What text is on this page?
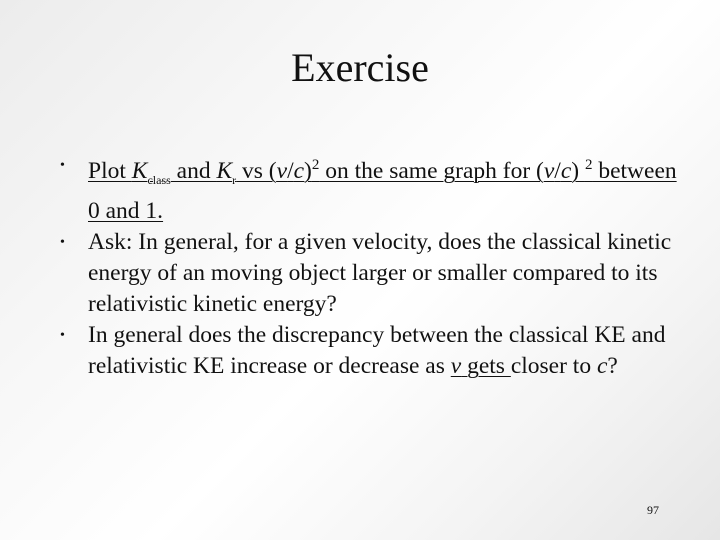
Exercise
• Plot $K_{class}$ and $K_r$ vs $(v/c)^2$ on the same graph for (v/c) $^2$ between 0 and 1.
• Ask: In general, for a given velocity, does the classical kinetic energy of an moving object larger or smaller compared to its relativistic kinetic energy?
• In general does the discrepancy between the classical KE and relativistic KE increase or decrease as v gets closer to c?
97
